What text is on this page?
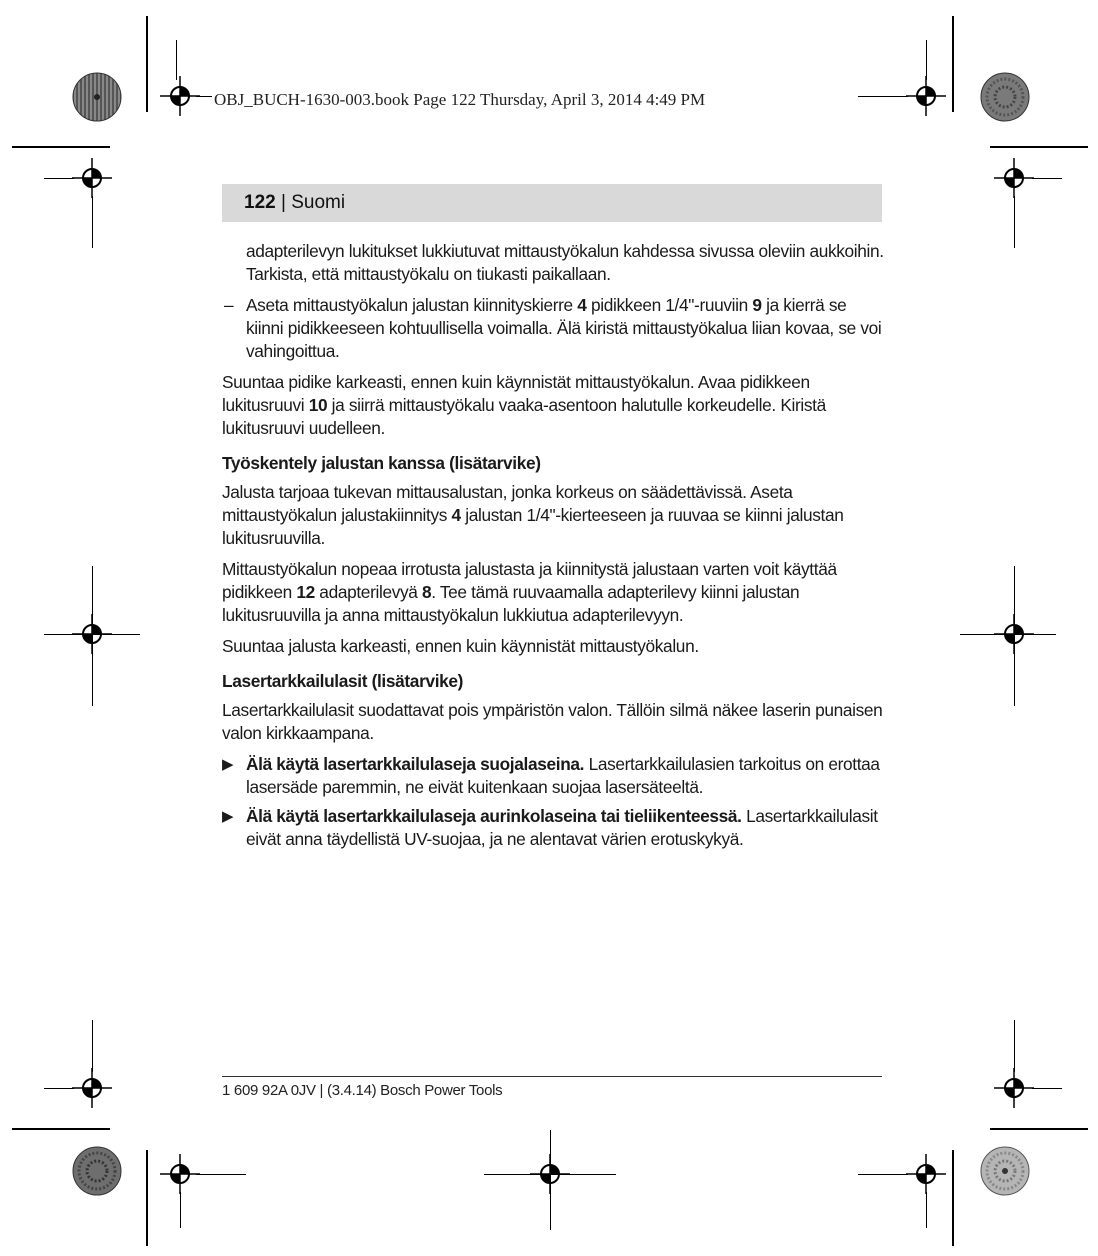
OBJ_BUCH-1630-003.book Page 122 Thursday, April 3, 2014 4:49 PM
122 | Suomi

adapterilevyn lukitukset lukkiutuvat mittaustyökalun kahdessa sivussa oleviin aukkoihin. Tarkista, että mittaustyökalu on tiukasti paikallaan.

– Aseta mittaustyökalun jalustan kiinnityskierre 4 pidikkeen 1/4"-ruuviin 9 ja kierrä se kiinni pidikkeeseen kohtuullisella voimalla. Älä kiristä mittaustyökalua liian kovaa, se voi vahingoittua.

Suuntaa pidike karkeasti, ennen kuin käynnistät mittaustyökalun. Avaa pidikkeen lukitusruuvi 10 ja siirrä mittaustyökalu vaaka-asentoon halutulle korkeudelle. Kiristä lukitusruuvi uudelleen.

Työskentely jalustan kanssa (lisätarvike)

Jalusta tarjoaa tukevan mittausalustan, jonka korkeus on säädettävissä. Aseta mittaustyökalun jalustakiinnitys 4 jalustan 1/4"-kierteeseen ja ruuvaa se kiinni jalustan lukitusruuvilla.

Mittaustyökalun nopeaa irrotusta jalustasta ja kiinnitystä jalustaan varten voit käyttää pidikkeen 12 adapterilevyä 8. Tee tämä ruuvaamalla adapterilevy kiinni jalustan lukitusruuvilla ja anna mittaustyökalun lukkiutua adapterilevyyn.

Suuntaa jalusta karkeasti, ennen kuin käynnistät mittaustyökalun.

Lasertarkkailulasit (lisätarvike)

Lasertarkkailulasit suodattavat pois ympäristön valon. Tällöin silmä näkee laserin punaisen valon kirkkaampana.

▶ Älä käytä lasertarkkailulaseja suojalaseina. Lasertarkkailulasien tarkoitus on erottaa lasersäde paremmin, ne eivät kuitenkaan suojaa lasersäteeltä.
▶ Älä käytä lasertarkkailulaseja aurinkolaseina tai tieliikenteessä. Lasertarkkailulasit eivät anna täydellistä UV-suojaa, ja ne alentavat värien erotuskykyä.
1 609 92A 0JV | (3.4.14) Bosch Power Tools
